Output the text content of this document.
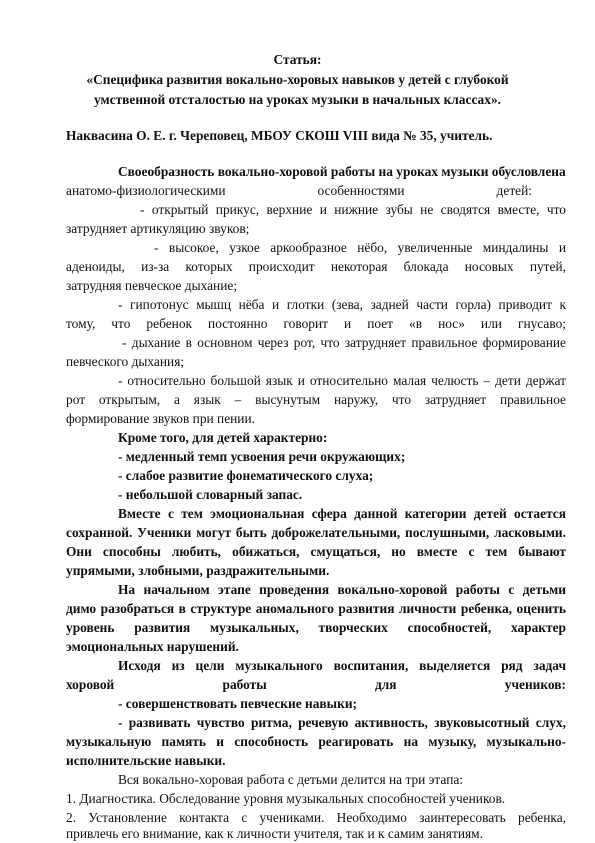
Статья:
«Специфика развития вокально-хоровых навыков у детей с глубокой
умственной отсталостью на уроках музыки в начальных классах».
Наквасина О. Е. г. Череповец, МБОУ СКОШ VIII вида № 35, учитель.
Своеобразность вокально-хоровой работы на уроках музыки обусловлена
анатомо-физиологическими особенностями детей:
- открытый прикус, верхние и нижние зубы не сводятся вместе, что
затрудняет артикуляцию звуков;
- высокое, узкое аркообразное нёбо, увеличенные миндалины и
аденоиды, из-за которых происходит некоторая блокада носовых путей,
затрудняя певческое дыхание;
- гипотонус мышц нёба и глотки (зева, задней части горла) приводит к
тому, что ребенок постоянно говорит и поет «в нос» или гнусаво;
- дыхание в основном через рот, что затрудняет правильное формирование
певческого дыхания;
- относительно большой язык и относительно малая челюсть – дети держат
рот открытым, а язык – высунутым наружу, что затрудняет правильное
формирование звуков при пении.
Кроме того, для детей характерно:
- медленный темп усвоения речи окружающих;
- слабое развитие фонематического слуха;
- небольшой словарный запас.
Вместе с тем эмоциональная сфера данной категории детей остается
сохранной. Ученики могут быть доброжелательными, послушными, ласковыми.
Они способны любить, обижаться, смущаться, но вместе с тем бывают
упрямыми, злобными, раздражительными.
На начальном этапе проведения вокально-хоровой работы с детьми
димо разобраться в структуре аномального развития личности ребенка, оценить
уровень развития музыкальных, творческих способностей, характер
эмоциональных нарушений.
Исходя из цели музыкального воспитания, выделяется ряд задач
хоровой работы для учеников:
- совершенствовать певческие навыки;
- развивать чувство ритма, речевую активность, звуковысотный слух,
музыкальную память и способность реагировать на музыку, музыкально-
исполнительские навыки.
Вся вокально-хоровая работа с детьми делится на три этапа:
1. Диагностика. Обследование уровня музыкальных способностей учеников.
2. Установление контакта с учениками. Необходимо заинтересовать ребенка,
привлечь его внимание, как к личности учителя, так и к самим занятиям.
